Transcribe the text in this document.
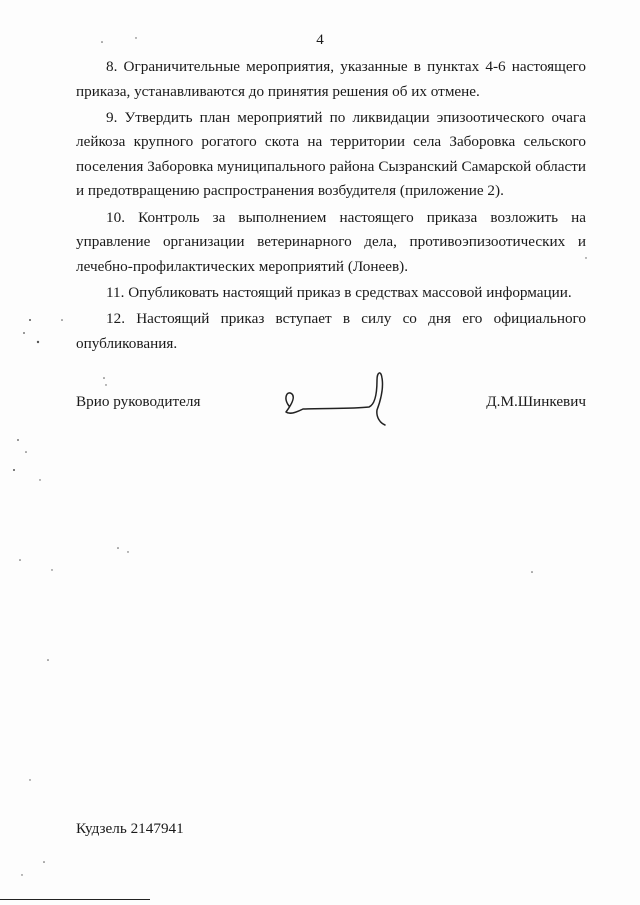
4

8. Ограничительные мероприятия, указанные в пунктах 4-6 настоящего приказа, устанавливаются до принятия решения об их отмене.

9. Утвердить план мероприятий по ликвидации эпизоотического очага лейкоза крупного рогатого скота на территории села Заборовка сельского поселения Заборовка муниципального района Сызранский Самарской области и предотвращению распространения возбудителя (приложение 2).

10. Контроль за выполнением настоящего приказа возложить на управление организации ветеринарного дела, противоэпизоотических и лечебно-профилактических мероприятий (Лонеев).

11. Опубликовать настоящий приказ в средствах массовой информации.

12. Настоящий приказ вступает в силу со дня его официального опубликования.

Врио руководителя	Д.М.Шинкевич
Кудзель 2147941
